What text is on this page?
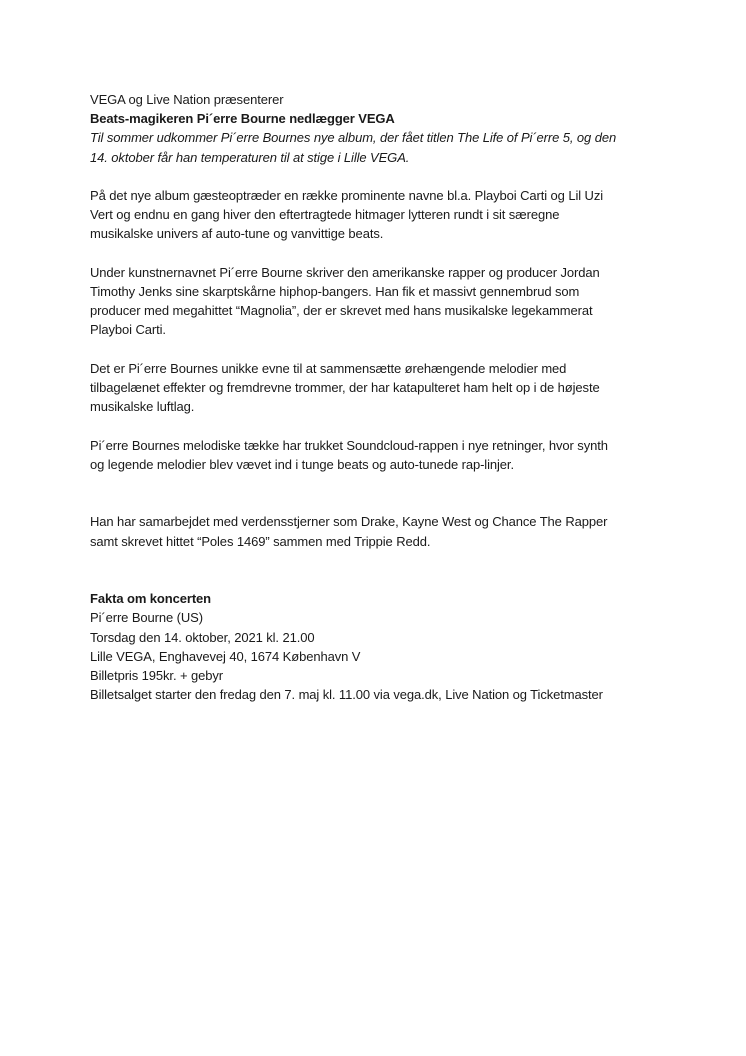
VEGA og Live Nation præsenterer
Beats-magikeren Pi´erre Bourne nedlægger VEGA
Til sommer udkommer Pi´erre Bournes nye album, der fået titlen The Life of Pi´erre 5, og den
14. oktober får han temperaturen til at stige i Lille VEGA.
På det nye album gæsteoptræder en række prominente navne bl.a. Playboi Carti og Lil Uzi
Vert og endnu en gang hiver den eftertragtede hitmager lytteren rundt i sit særegne
musikalske univers af auto-tune og vanvittige beats.
Under kunstnernavnet Pi´erre Bourne skriver den amerikanske rapper og producer Jordan
Timothy Jenks sine skarptskårne hiphop-bangers. Han fik et massivt gennembrud som
producer med megahittet “Magnolia”, der er skrevet med hans musikalske legekammerat
Playboi Carti.
Det er Pi´erre Bournes unikke evne til at sammensætte ørehængende melodier med
tilbagelænet effekter og fremdrevne trommer, der har katapulteret ham helt op i de højeste
musikalske luftlag.
Pi´erre Bournes melodiske tække har trukket Soundcloud-rappen i nye retninger, hvor synth
og legende melodier blev vævet ind i tunge beats og auto-tunede rap-linjer.
Han har samarbejdet med verdensstjerner som Drake, Kayne West og Chance The Rapper
samt skrevet hittet “Poles 1469” sammen med Trippie Redd.
Fakta om koncerten
Pi´erre Bourne (US)
Torsdag den 14. oktober, 2021 kl. 21.00
Lille VEGA, Enghavevej 40, 1674 København V
Billetpris 195kr. + gebyr
Billetsalget starter den fredag den 7. maj kl. 11.00 via vega.dk, Live Nation og Ticketmaster
